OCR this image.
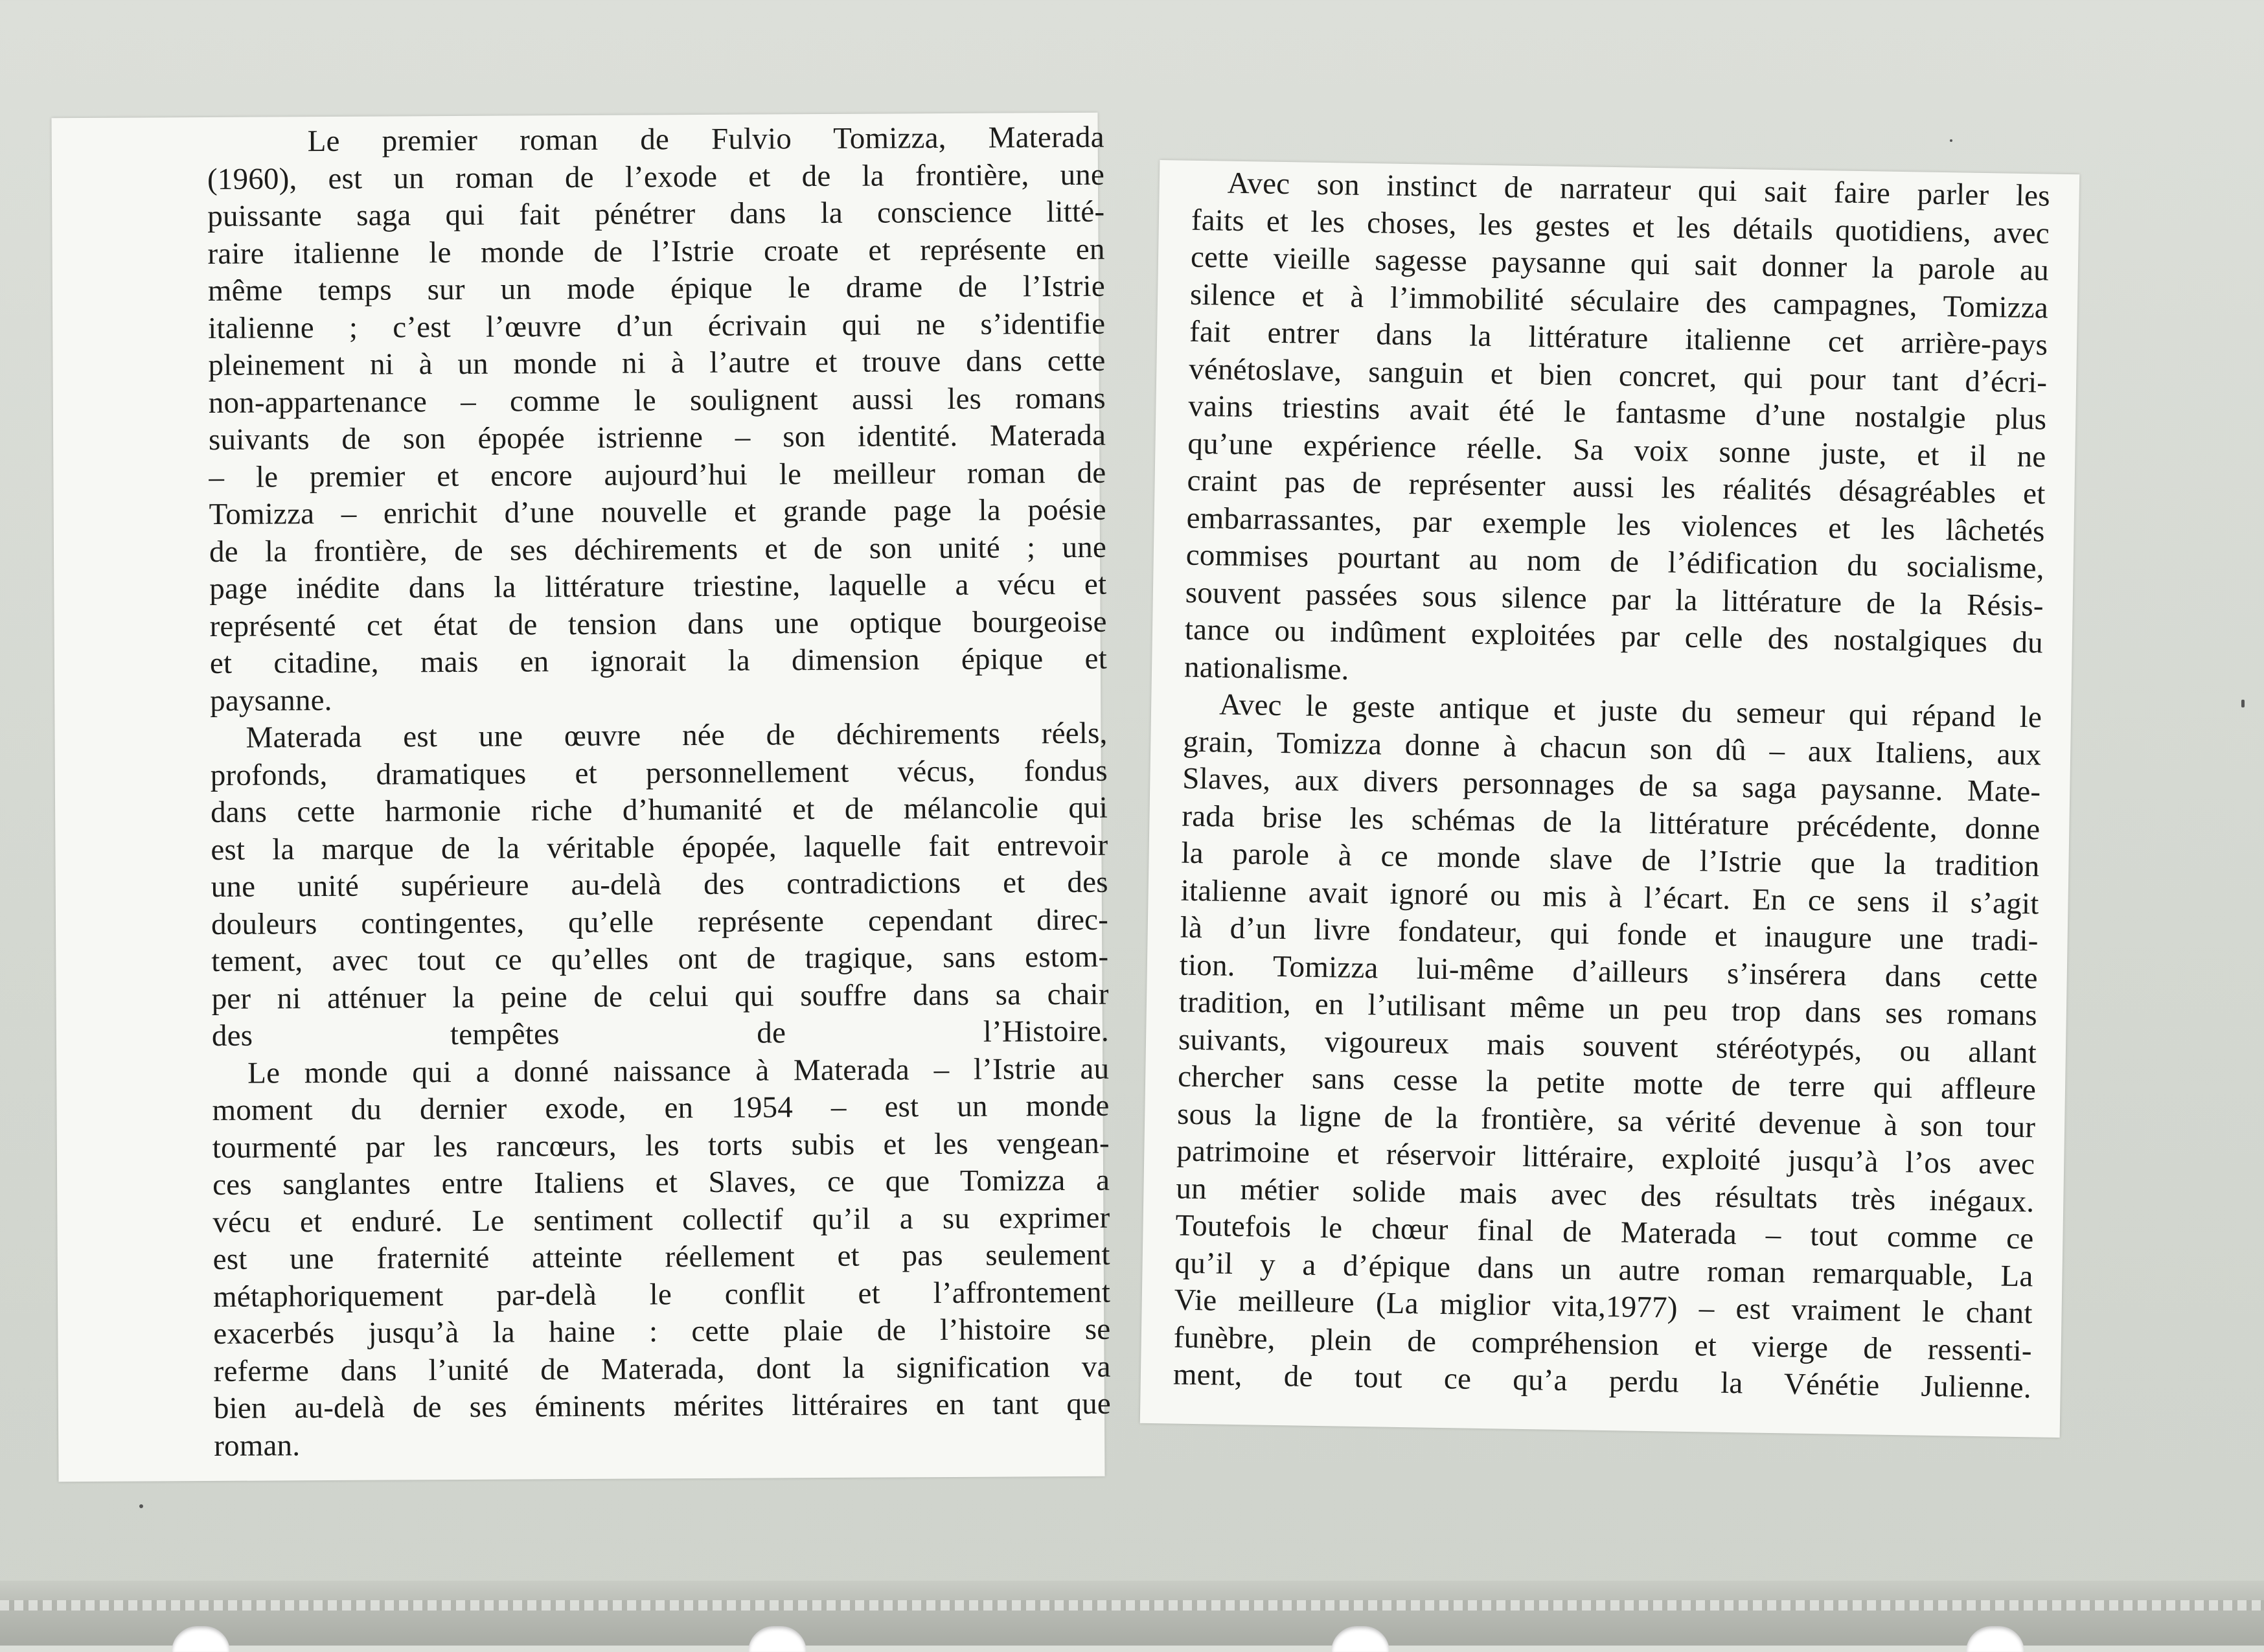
Le premier roman de Fulvio Tomizza, Materada
(1960), est un roman de l’exode et de la frontière, une
puissante saga qui fait pénétrer dans la conscience litté-
raire italienne le monde de l’Istrie croate et représente en
même temps sur un mode épique le drame de l’Istrie
italienne ; c’est l’œuvre d’un écrivain qui ne s’identifie
pleinement ni à un monde ni à l’autre et trouve dans cette
non-appartenance – comme le soulignent aussi les romans
suivants de son épopée istrienne – son identité. Materada
– le premier et encore aujourd’hui le meilleur roman de
Tomizza – enrichit d’une nouvelle et grande page la poésie
de la frontière, de ses déchirements et de son unité ; une
page inédite dans la littérature triestine, laquelle a vécu et
représenté cet état de tension dans une optique bourgeoise
et citadine, mais en ignorait la dimension épique et
paysanne.

Materada est une œuvre née de déchirements réels,
profonds, dramatiques et personnellement vécus, fondus
dans cette harmonie riche d’humanité et de mélancolie qui
est la marque de la véritable épopée, laquelle fait entrevoir
une unité supérieure au-delà des contradictions et des
douleurs contingentes, qu’elle représente cependant direc-
tement, avec tout ce qu’elles ont de tragique, sans estom-
per ni atténuer la peine de celui qui souffre dans sa chair
des tempêtes de l’Histoire.

Le monde qui a donné naissance à Materada – l’Istrie au
moment du dernier exode, en 1954 – est un monde
tourmenté par les rancœurs, les torts subis et les vengean-
ces sanglantes entre Italiens et Slaves, ce que Tomizza a
vécu et enduré. Le sentiment collectif qu’il a su exprimer
est une fraternité atteinte réellement et pas seulement
métaphoriquement par-delà le conflit et l’affrontement
exacerbés jusqu’à la haine : cette plaie de l’histoire se
referme dans l’unité de Materada, dont la signification va
bien au-delà de ses éminents mérites littéraires en tant que
roman.

Avec son instinct de narrateur qui sait faire parler les
faits et les choses, les gestes et les détails quotidiens, avec
cette vieille sagesse paysanne qui sait donner la parole au
silence et à l’immobilité séculaire des campagnes, Tomizza
fait entrer dans la littérature italienne cet arrière-pays
vénétoslave, sanguin et bien concret, qui pour tant d’écri-
vains triestins avait été le fantasme d’une nostalgie plus
qu’une expérience réelle. Sa voix sonne juste, et il ne
craint pas de représenter aussi les réalités désagréables et
embarrassantes, par exemple les violences et les lâchetés
commises pourtant au nom de l’édification du socialisme,
souvent passées sous silence par la littérature de la Résis-
tance ou indûment exploitées par celle des nostalgiques du
nationalisme.

Avec le geste antique et juste du semeur qui répand le
grain, Tomizza donne à chacun son dû – aux Italiens, aux
Slaves, aux divers personnages de sa saga paysanne. Mate-
rada brise les schémas de la littérature précédente, donne
la parole à ce monde slave de l’Istrie que la tradition
italienne avait ignoré ou mis à l’écart. En ce sens il s’agit
là d’un livre fondateur, qui fonde et inaugure une tradi-
tion. Tomizza lui-même d’ailleurs s’insérera dans cette
tradition, en l’utilisant même un peu trop dans ses romans
suivants, vigoureux mais souvent stéréotypés, ou allant
chercher sans cesse la petite motte de terre qui affleure
sous la ligne de la frontière, sa vérité devenue à son tour
patrimoine et réservoir littéraire, exploité jusqu’à l’os avec
un métier solide mais avec des résultats très inégaux.
Toutefois le chœur final de Materada – tout comme ce
qu’il y a d’épique dans un autre roman remarquable, La
Vie meilleure (La miglior vita,1977) – est vraiment le chant
funèbre, plein de compréhension et vierge de ressenti-
ment, de tout ce qu’a perdu la Vénétie Julienne.
